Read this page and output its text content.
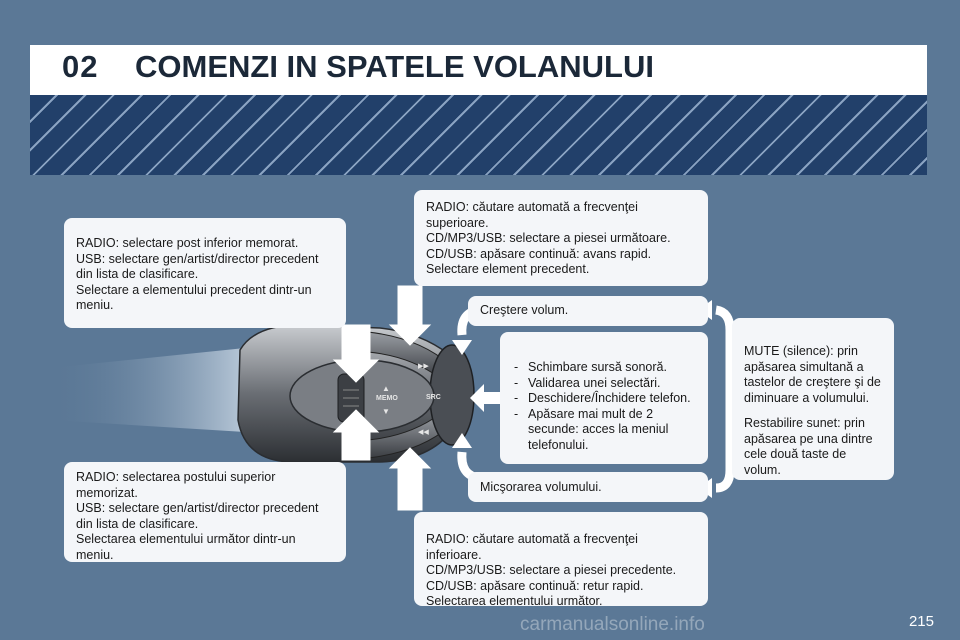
02 COMENZI IN SPATELE VOLANULUI
▲
▼
MEMO	SRC
▶▶
◀◀
RADIO: selectare post inferior memorat.
USB: selectare gen/artist/director precedent din lista de clasificare.
Selectare a elementului precedent dintr-un meniu.
RADIO: selectarea postului superior memorizat.
USB: selectare gen/artist/director precedent din lista de clasificare.
Selectarea elementului următor dintr-un meniu.
RADIO: căutare automată a frecvenţei superioare.
CD/MP3/USB: selectare a piesei următoare.
CD/USB: apăsare continuă: avans rapid.
Selectare element precedent.
Creştere volum.
- Schimbare sursă sonoră.
- Validarea unei selectări.
- Deschidere/Închidere telefon.
- Apăsare mai mult de 2 secunde: acces la meniul telefonului.
Micşorarea volumului.
RADIO: căutare automată a frecvenţei inferioare.
CD/MP3/USB: selectare a piesei precedente.
CD/USB: apăsare continuă: retur rapid.
Selectarea elementului următor.

MUTE (silence): prin apăsarea simultană a tastelor de creştere şi de diminuare a volumului.

Restabilire sunet: prin apăsarea pe una dintre cele două taste de volum.

carmanualsonline.info	215
